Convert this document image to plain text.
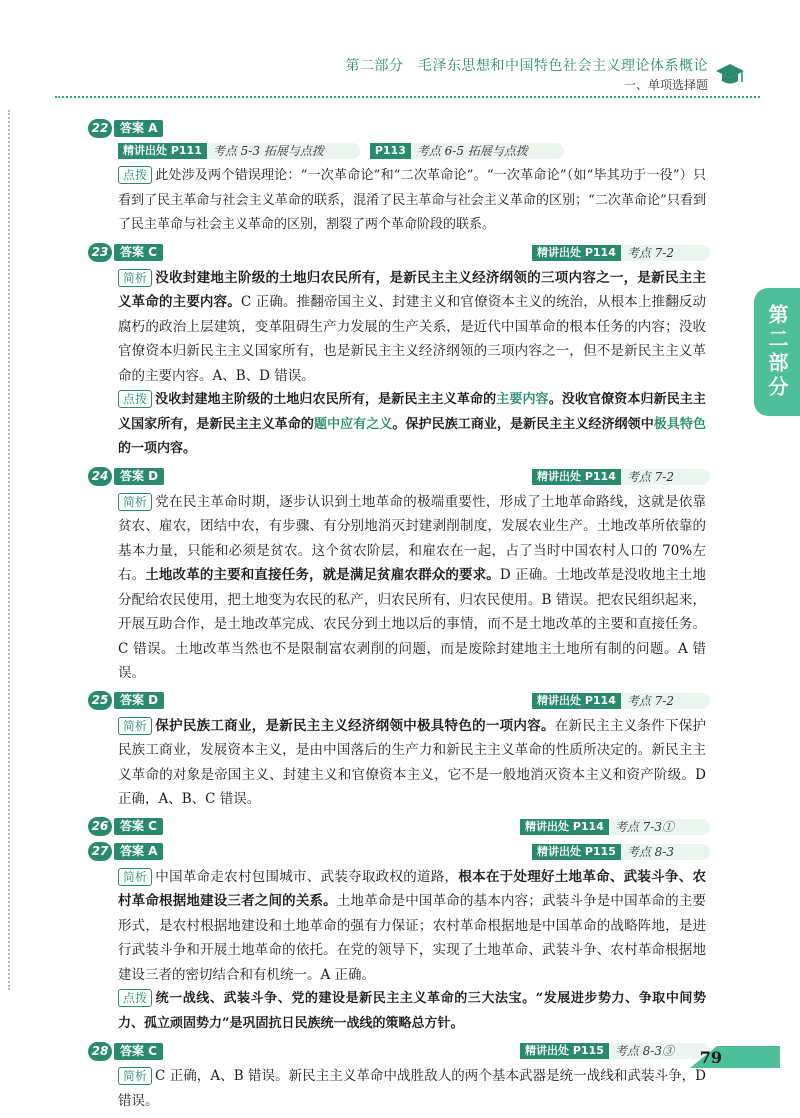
第二部分　毛泽东思想和中国特色社会主义理论体系概论
一、单项选择题
第二部分
22 答案 A
精讲出处 P111 考点 5-3 拓展与点拨	P113 考点 6-5 拓展与点拨
点拨 此处涉及两个错误理论：“一次革命论”和“二次革命论”。“一次革命论”（如“毕其功于一役”）只看到了民主革命与社会主义革命的联系，混淆了民主革命与社会主义革命的区别；“二次革命论”只看到了民主革命与社会主义革命的区别，割裂了两个革命阶段的联系。
23 答案 C	精讲出处 P114 考点 7-2
简析 没收封建地主阶级的土地归农民所有，是新民主主义经济纲领的三项内容之一，是新民主主义革命的主要内容。C 正确。推翻帝国主义、封建主义和官僚资本主义的统治，从根本上推翻反动腐朽的政治上层建筑，变革阻碍生产力发展的生产关系，是近代中国革命的根本任务的内容；没收官僚资本归新民主主义国家所有，也是新民主主义经济纲领的三项内容之一，但不是新民主主义革命的主要内容。A、B、D 错误。
点拨 没收封建地主阶级的土地归农民所有，是新民主主义革命的主要内容。没收官僚资本归新民主主义国家所有，是新民主主义革命的题中应有之义。保护民族工商业，是新民主主义经济纲领中极具特色的一项内容。
24 答案 D	精讲出处 P114 考点 7-2
简析 党在民主革命时期，逐步认识到土地革命的极端重要性，形成了土地革命路线，这就是依靠贫农、雇农，团结中农，有步骤、有分别地消灭封建剥削制度，发展农业生产。土地改革所依靠的基本力量，只能和必须是贫农。这个贫农阶层，和雇农在一起，占了当时中国农村人口的 70%左右。土地改革的主要和直接任务，就是满足贫雇农群众的要求。D 正确。土地改革是没收地主土地分配给农民使用，把土地变为农民的私产，归农民所有，归农民使用。B 错误。把农民组织起来，开展互助合作，是土地改革完成、农民分到土地以后的事情，而不是土地改革的主要和直接任务。C 错误。土地改革当然也不是限制富农剥削的问题，而是废除封建地主土地所有制的问题。A 错误。
25 答案 D	精讲出处 P114 考点 7-2
简析 保护民族工商业，是新民主主义经济纲领中极具特色的一项内容。在新民主主义条件下保护民族工商业，发展资本主义，是由中国落后的生产力和新民主主义革命的性质所决定的。新民主主义革命的对象是帝国主义、封建主义和官僚资本主义，它不是一般地消灭资本主义和资产阶级。D 正确，A、B、C 错误。
26 答案 C	精讲出处 P114 考点 7-3①
27 答案 A	精讲出处 P115 考点 8-3
简析 中国革命走农村包围城市、武装夺取政权的道路，根本在于处理好土地革命、武装斗争、农村革命根据地建设三者之间的关系。土地革命是中国革命的基本内容；武装斗争是中国革命的主要形式，是农村根据地建设和土地革命的强有力保证；农村革命根据地是中国革命的战略阵地，是进行武装斗争和开展土地革命的依托。在党的领导下，实现了土地革命、武装斗争、农村革命根据地建设三者的密切结合和有机统一。A 正确。
点拨 统一战线、武装斗争、党的建设是新民主主义革命的三大法宝。“发展进步势力、争取中间势力、孤立顽固势力”是巩固抗日民族统一战线的策略总方针。
28 答案 C	精讲出处 P115 考点 8-3③
简析 C 正确，A、B 错误。新民主主义革命中战胜敌人的两个基本武器是统一战线和武装斗争，D 错误。
79
